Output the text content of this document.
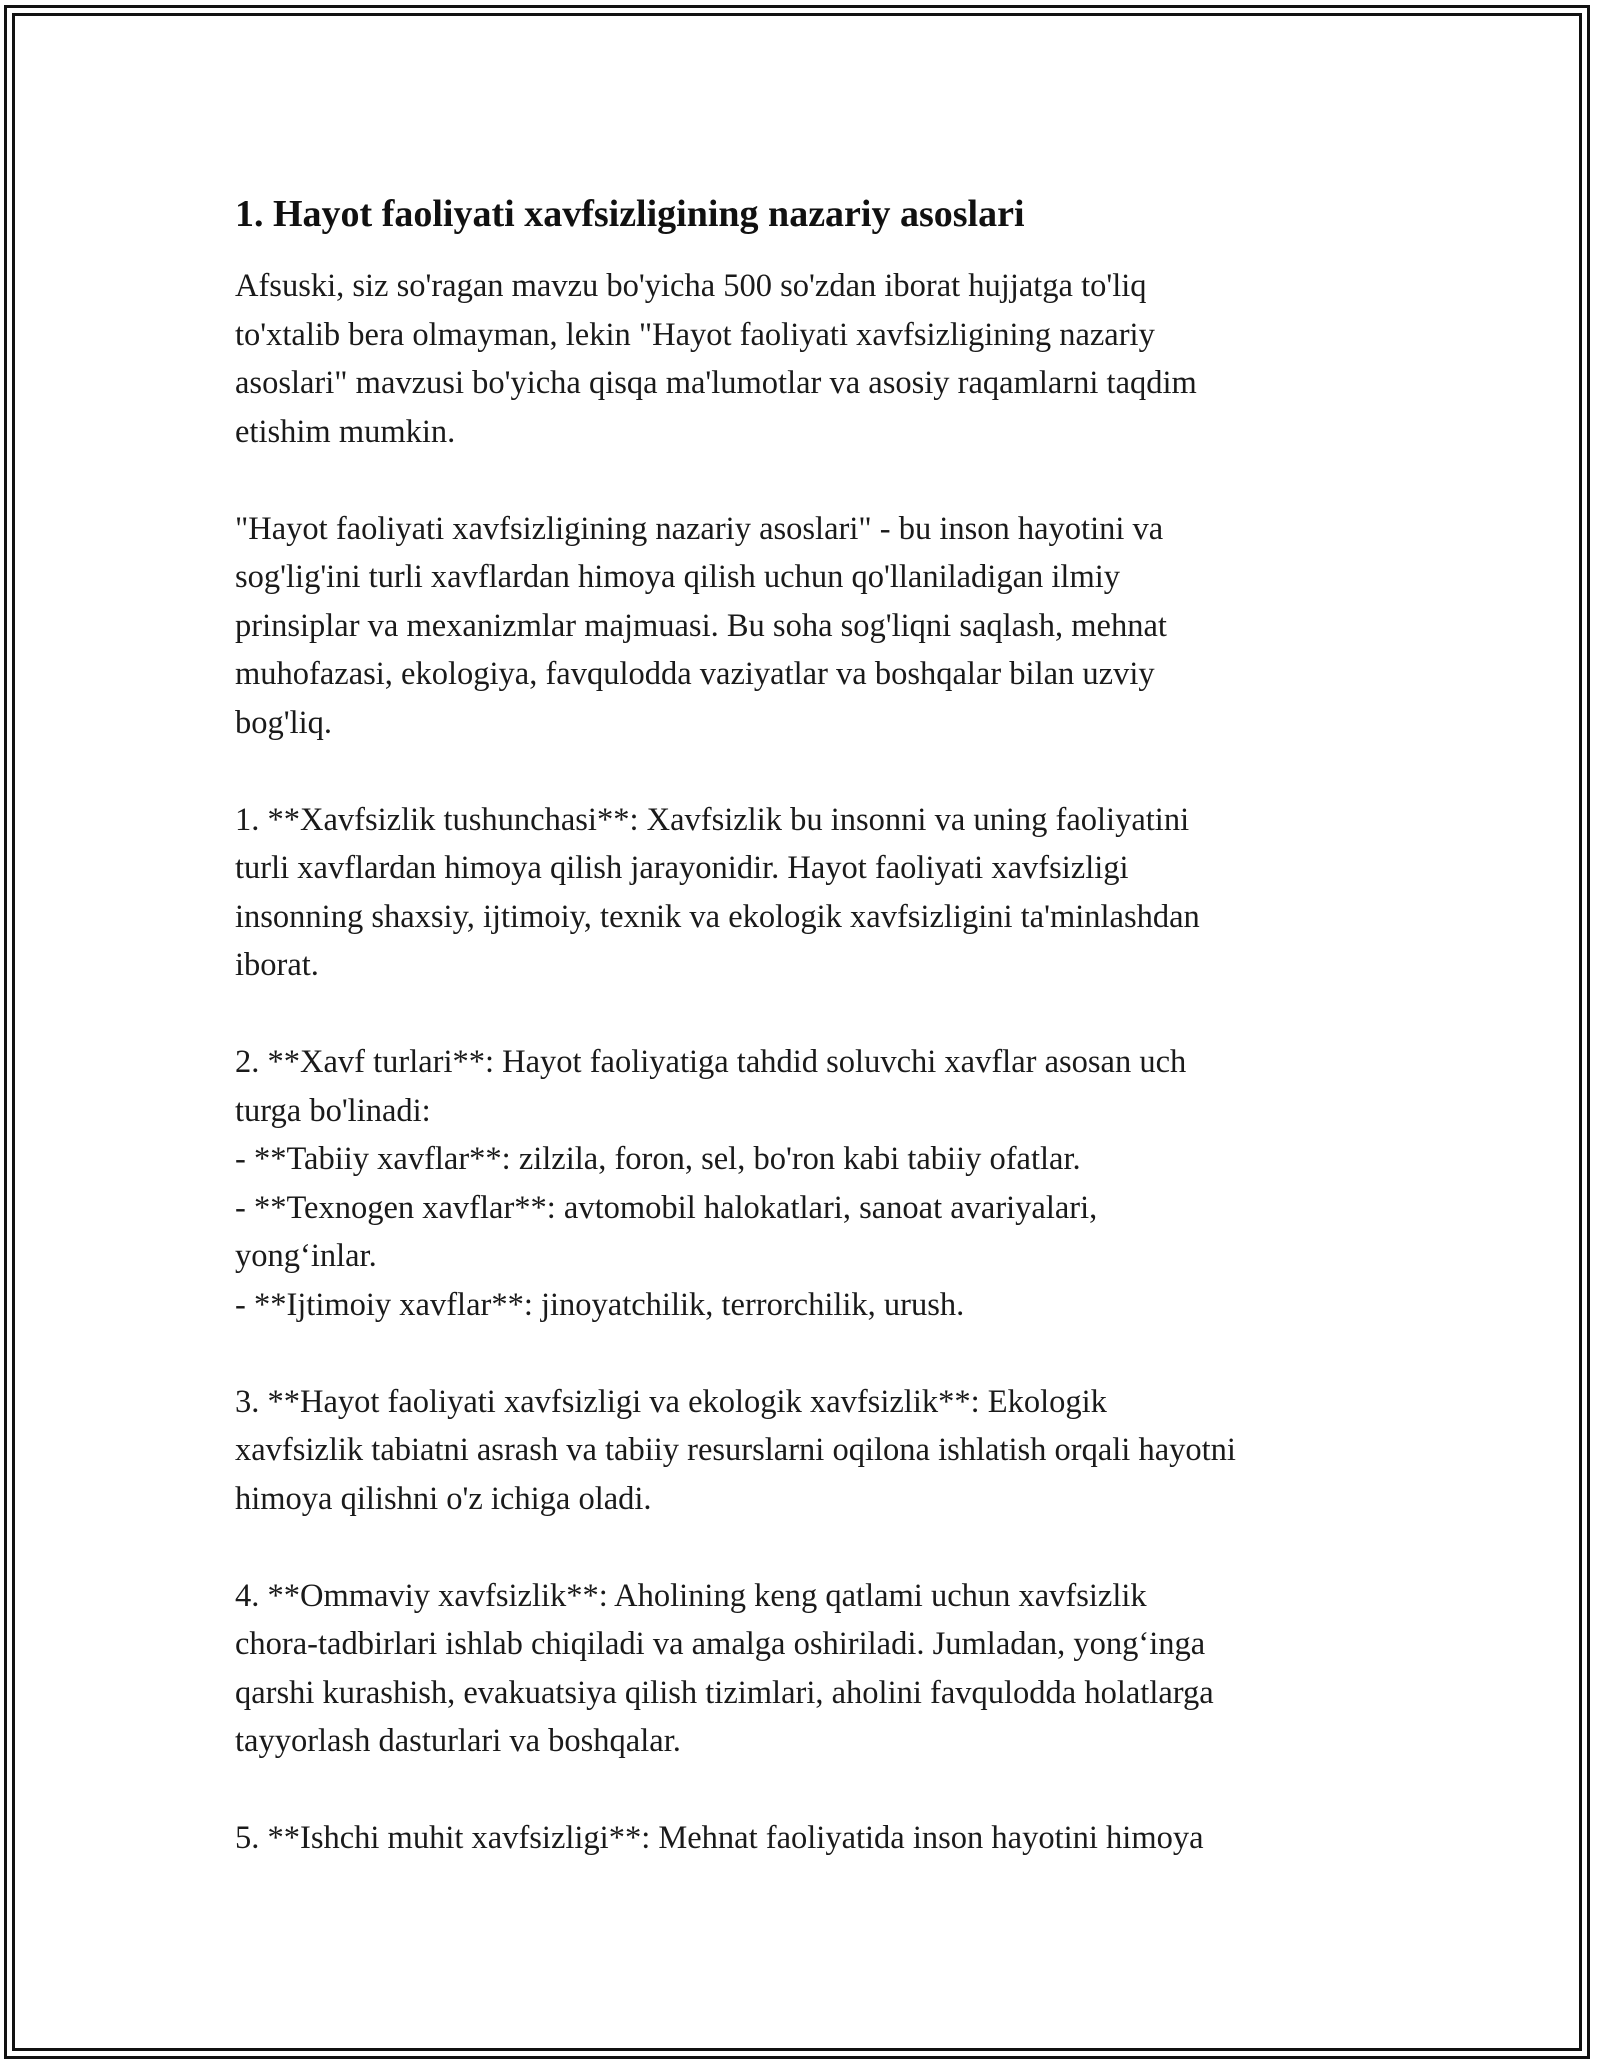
1. Hayot faoliyati xavfsizligining nazariy asoslari

Afsuski, siz so'ragan mavzu bo'yicha 500 so'zdan iborat hujjatga to'liq
to'xtalib bera olmayman, lekin "Hayot faoliyati xavfsizligining nazariy
asoslari" mavzusi bo'yicha qisqa ma'lumotlar va asosiy raqamlarni taqdim
etishim mumkin.

"Hayot faoliyati xavfsizligining nazariy asoslari" - bu inson hayotini va
sog'lig'ini turli xavflardan himoya qilish uchun qo'llaniladigan ilmiy
prinsiplar va mexanizmlar majmuasi. Bu soha sog'liqni saqlash, mehnat
muhofazasi, ekologiya, favqulodda vaziyatlar va boshqalar bilan uzviy
bog'liq.

1. **Xavfsizlik tushunchasi**: Xavfsizlik bu insonni va uning faoliyatini
turli xavflardan himoya qilish jarayonidir. Hayot faoliyati xavfsizligi
insonning shaxsiy, ijtimoiy, texnik va ekologik xavfsizligini ta'minlashdan
iborat.

2. **Xavf turlari**: Hayot faoliyatiga tahdid soluvchi xavflar asosan uch
turga bo'linadi:
- **Tabiiy xavflar**: zilzila, foron, sel, bo'ron kabi tabiiy ofatlar.
- **Texnogen xavflar**: avtomobil halokatlari, sanoat avariyalari,
yong‘inlar.
- **Ijtimoiy xavflar**: jinoyatchilik, terrorchilik, urush.

3. **Hayot faoliyati xavfsizligi va ekologik xavfsizlik**: Ekologik
xavfsizlik tabiatni asrash va tabiiy resurslarni oqilona ishlatish orqali hayotni
himoya qilishni o'z ichiga oladi.

4. **Ommaviy xavfsizlik**: Aholining keng qatlami uchun xavfsizlik
chora-tadbirlari ishlab chiqiladi va amalga oshiriladi. Jumladan, yong‘inga
qarshi kurashish, evakuatsiya qilish tizimlari, aholini favqulodda holatlarga
tayyorlash dasturlari va boshqalar.

5. **Ishchi muhit xavfsizligi**: Mehnat faoliyatida inson hayotini himoya
